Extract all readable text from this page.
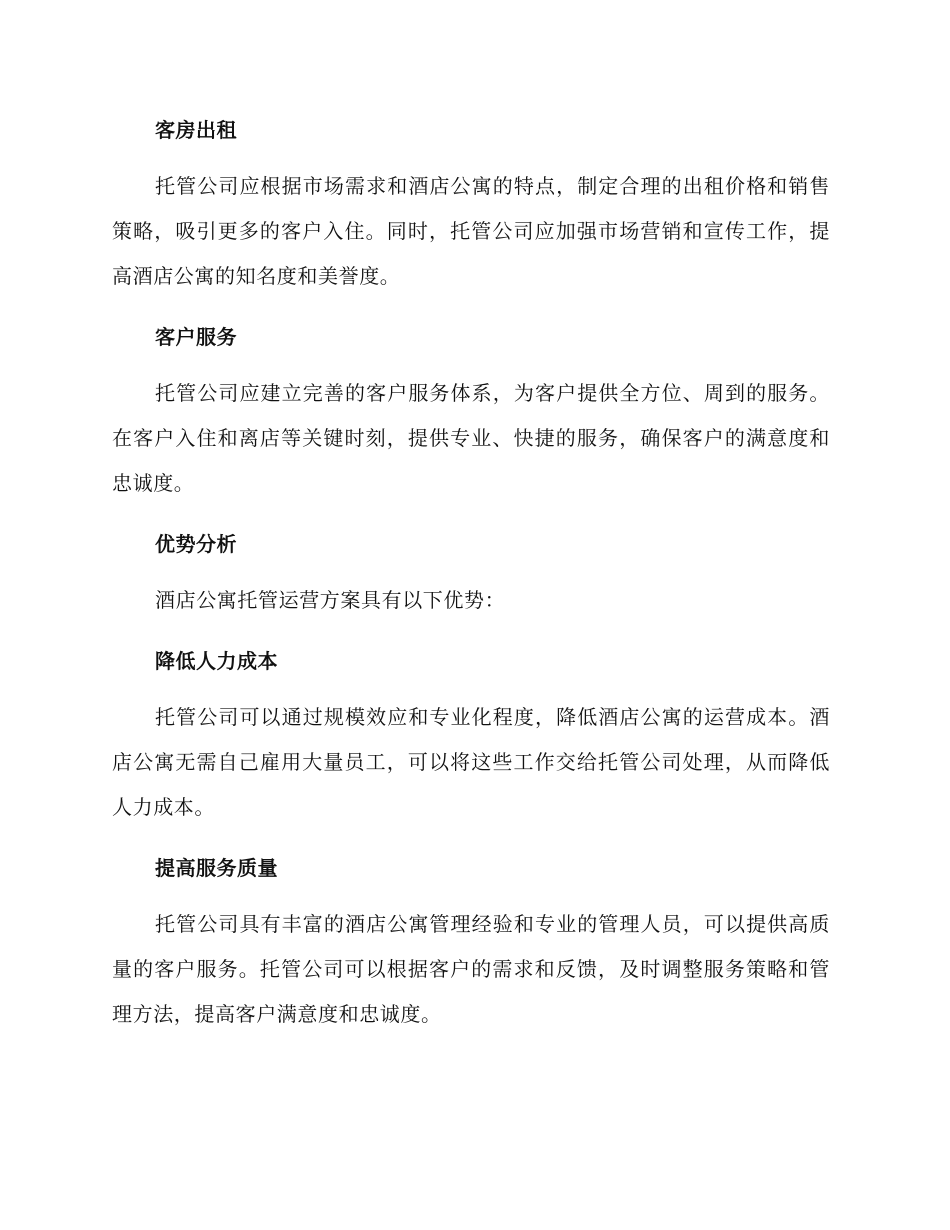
客房出租

托管公司应根据市场需求和酒店公寓的特点，制定合理的出租价格和销售策略，吸引更多的客户入住。同时，托管公司应加强市场营销和宣传工作，提高酒店公寓的知名度和美誉度。

客户服务

托管公司应建立完善的客户服务体系，为客户提供全方位、周到的服务。在客户入住和离店等关键时刻，提供专业、快捷的服务，确保客户的满意度和忠诚度。

优势分析

酒店公寓托管运营方案具有以下优势：

降低人力成本

托管公司可以通过规模效应和专业化程度，降低酒店公寓的运营成本。酒店公寓无需自己雇用大量员工，可以将这些工作交给托管公司处理，从而降低人力成本。

提高服务质量

托管公司具有丰富的酒店公寓管理经验和专业的管理人员，可以提供高质量的客户服务。托管公司可以根据客户的需求和反馈，及时调整服务策略和管理方法，提高客户满意度和忠诚度。
